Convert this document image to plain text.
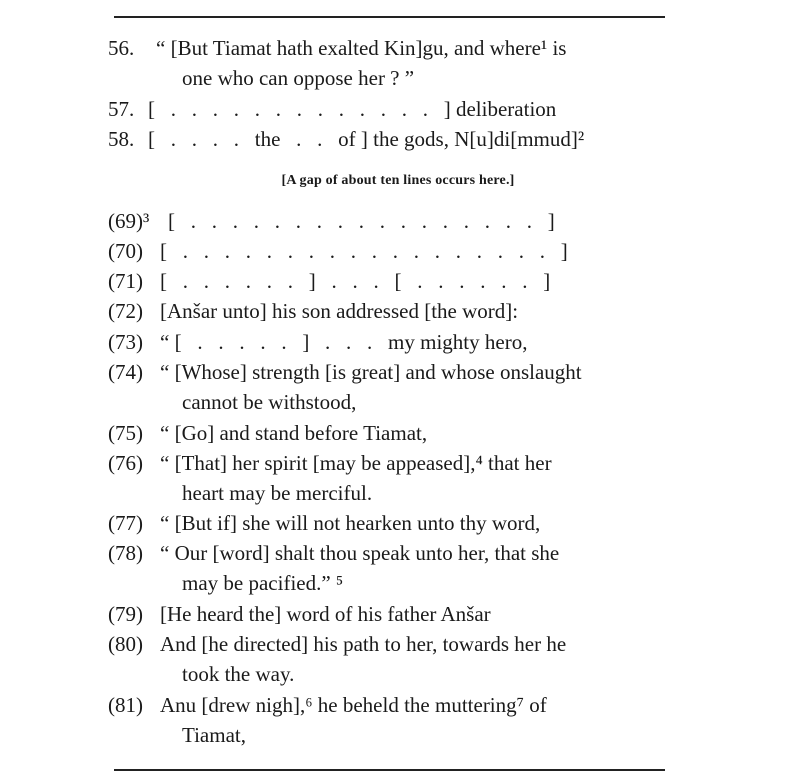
56. “ [But Tiamat hath exalted Kin]gu, and where¹ is
one who can oppose her ? ”
57. [   .   .   .   .   .   .   .   .   .   .   .   .   .   ] deliberation
58. [   .   .   .   .   the   .   .   of ] the gods, N[u]di[mmud]²
[A gap of about ten lines occurs here.]
(69)³ [   .   .   .   .   .   .   .   .   .   .   .   .   .   .   .   .   .   ]
(70) [   .   .   .   .   .   .   .   .   .   .   .   .   .   .   .   .   .   .   ]
(71) [   .   .   .   .   .   .   ]   .   .   .   [   .   .   .   .   .   .   ]
(72) [Anšar unto] his son addressed [the word]:
(73) “ [   .   .   .   .   .   ]   .   .   .   my mighty hero,
(74) “ [Whose] strength [is great] and whose onslaught
cannot be withstood,
(75) “ [Go] and stand before Tiamat,
(76) “ [That] her spirit [may be appeased],⁴ that her
heart may be merciful.
(77) “ [But if] she will not hearken unto thy word,
(78) “ Our [word] shalt thou speak unto her, that she
may be pacified.” ⁵
(79) [He heard the] word of his father Anšar
(80) And [he directed] his path to her, towards her he
took the way.
(81) Anu [drew nigh],⁶ he beheld the muttering⁷ of
Tiamat,
